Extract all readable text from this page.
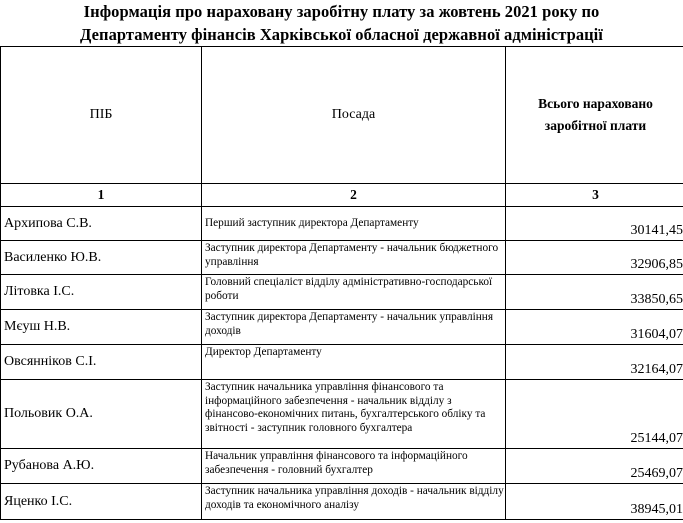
Інформація про нараховану заробітну плату за жовтень 2021 року по
Департаменту фінансів Харківської обласної державної адміністрації
ПІБ	Посада	Всього нараховано
заробітної плати

1	2	3
Архипова С.В.	Перший заступник директора Департаменту	30141,45
Василенко Ю.В.	Заступник директора Департаменту - начальник бюджетного управління	32906,85
Літовка І.С.	Головний спеціаліст відділу адміністративно-господарської роботи	33850,65
Мєуш Н.В.	Заступник директора Департаменту - начальник управління доходів	31604,07
Овсянніков С.І.	Директор Департаменту	32164,07
Польовик О.А.	Заступник начальника управління фінансового та інформаційного забезпечення - начальник відділу з фінансово-економічних питань, бухгалтерського обліку та звітності - заступник головного бухгалтера	25144,07
Рубанова А.Ю.	Начальник управління фінансового та інформаційного забезпечення - головний бухгалтер	25469,07
Яценко І.С.	Заступник начальника управління доходів - начальник відділу доходів та економічного аналізу	38945,01
